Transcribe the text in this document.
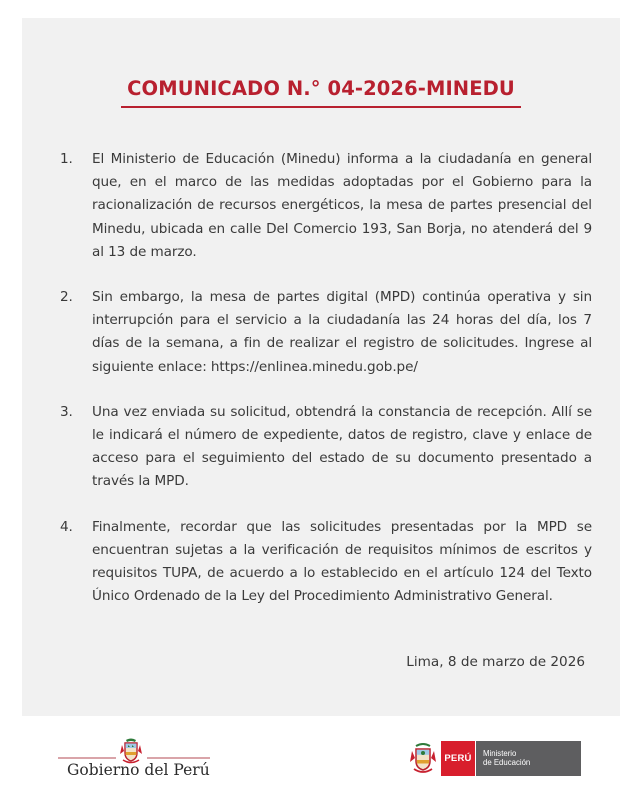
COMUNICADO N.° 04-2026-MINEDU
1. El Ministerio de Educación (Minedu) informa a la ciudadanía en general que, en el marco de las medidas adoptadas por el Gobierno para la racionalización de recursos energéticos, la mesa de partes presencial del Minedu, ubicada en calle Del Comercio 193, San Borja, no atenderá del 9 al 13 de marzo.
2. Sin embargo, la mesa de partes digital (MPD) continúa operativa y sin interrupción para el servicio a la ciudadanía las 24 horas del día, los 7 días de la semana, a fin de realizar el registro de solicitudes. Ingrese al siguiente enlace: https://enlinea.minedu.gob.pe/
3. Una vez enviada su solicitud, obtendrá la constancia de recepción. Allí se le indicará el número de expediente, datos de registro, clave y enlace de acceso para el seguimiento del estado de su documento presentado a través la MPD.
4. Finalmente, recordar que las solicitudes presentadas por la MPD se encuentran sujetas a la verificación de requisitos mínimos de escritos y requisitos TUPA, de acuerdo a lo establecido en el artículo 124 del Texto Único Ordenado de la Ley del Procedimiento Administrativo General.
Lima, 8 de marzo de 2026
Gobierno del Perú
PERÚ Ministerio
de Educación
